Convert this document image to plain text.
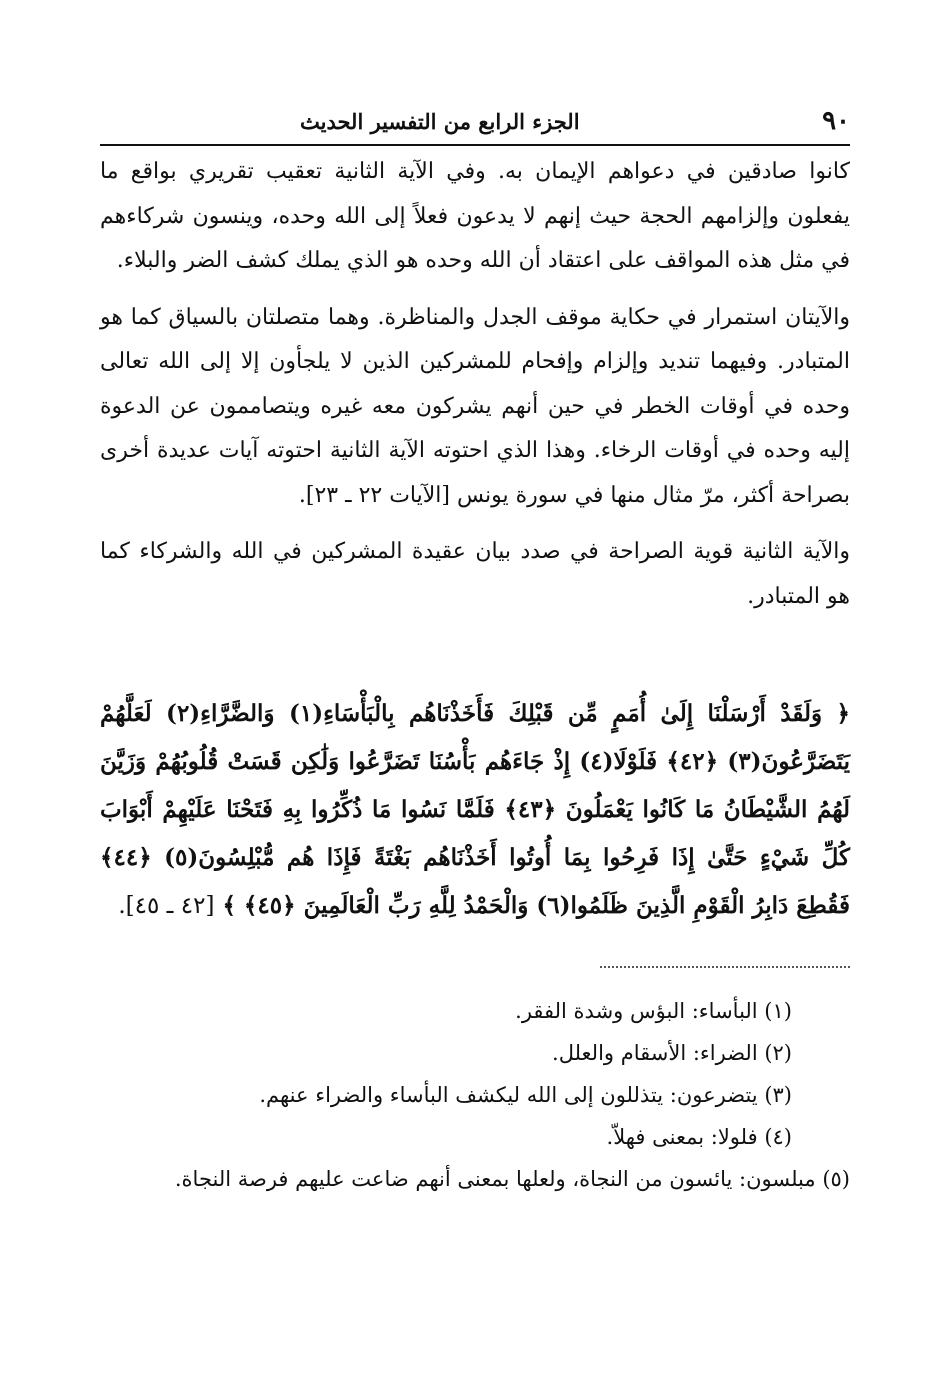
٩٠
الجزء الرابع من التفسير الحديث

كانوا صادقين في دعواهم الإيمان به. وفي الآية الثانية تعقيب تقريري بواقع ما يفعلون وإلزامهم الحجة حيث إنهم لا يدعون فعلاً إلى الله وحده، وينسون شركاءهم في مثل هذه المواقف على اعتقاد أن الله وحده هو الذي يملك كشف الضر والبلاء.

والآيتان استمرار في حكاية موقف الجدل والمناظرة. وهما متصلتان بالسياق كما هو المتبادر. وفيهما تنديد وإلزام وإفحام للمشركين الذين لا يلجأون إلا إلى الله تعالى وحده في أوقات الخطر في حين أنهم يشركون معه غيره ويتصاممون عن الدعوة إليه وحده في أوقات الرخاء. وهذا الذي احتوته الآية الثانية احتوته آيات عديدة أخرى بصراحة أكثر، مرّ مثال منها في سورة يونس [الآيات ٢٢ ـ ٢٣].

والآية الثانية قوية الصراحة في صدد بيان عقيدة المشركين في الله والشركاء كما هو المتبادر.

﴿ وَلَقَدْ أَرْسَلْنَا إِلَىٰ أُمَمٍ مِّن قَبْلِكَ فَأَخَذْنَاهُم بِالْبَأْسَاءِ(١) وَالضَّرَّاءِ(٢) لَعَلَّهُمْ يَتَضَرَّعُونَ(٣) ﴿٤٢﴾ فَلَوْلَا(٤) إِذْ جَاءَهُم بَأْسُنَا تَضَرَّعُوا وَلَٰكِن قَسَتْ قُلُوبُهُمْ وَزَيَّنَ لَهُمُ الشَّيْطَانُ مَا كَانُوا يَعْمَلُونَ ﴿٤٣﴾ فَلَمَّا نَسُوا مَا ذُكِّرُوا بِهِ فَتَحْنَا عَلَيْهِمْ أَبْوَابَ كُلِّ شَيْءٍ حَتَّىٰ إِذَا فَرِحُوا بِمَا أُوتُوا أَخَذْنَاهُم بَغْتَةً فَإِذَا هُم مُّبْلِسُونَ(٥) ﴿٤٤﴾ فَقُطِعَ دَابِرُ الْقَوْمِ الَّذِينَ ظَلَمُوا(٦) وَالْحَمْدُ لِلَّهِ رَبِّ الْعَالَمِينَ ﴿٤٥﴾ ﴾ [٤٢ ـ ٤٥].
(١) البأساء: البؤس وشدة الفقر.
(٢) الضراء: الأسقام والعلل.
(٣) يتضرعون: يتذللون إلى الله ليكشف البأساء والضراء عنهم.
(٤) فلولا: بمعنى فهلاّ.
(٥) مبلسون: يائسون من النجاة، ولعلها بمعنى أنهم ضاعت عليهم فرصة النجاة.
